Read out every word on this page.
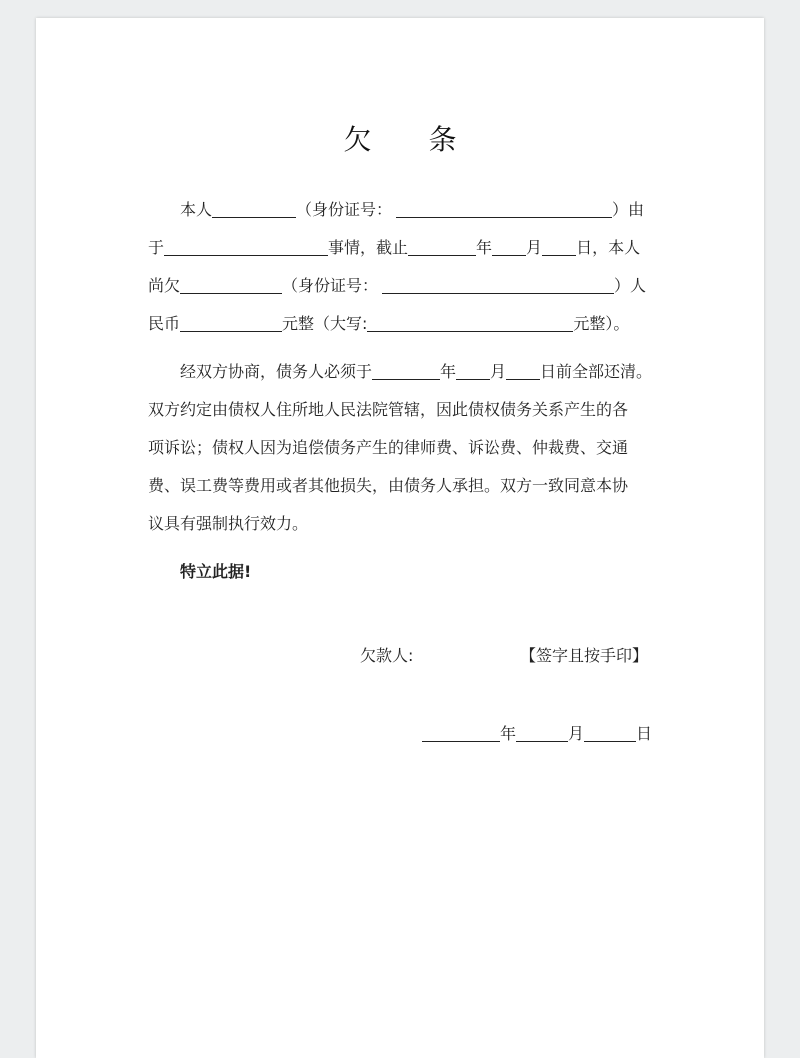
欠 条
本人	（身份证号：	）由
于	事情，截止	年 月 日，本人
尚欠	（身份证号：	）人
民币	元整（大写:	元整）。
经双方协商，债务人必须于	年 月 日前全部还清。
双方约定由债权人住所地人民法院管辖，因此债权债务关系产生的各
项诉讼；债权人因为追偿债务产生的律师费、诉讼费、仲裁费、交通
费、误工费等费用或者其他损失，由债务人承担。双方一致同意本协
议具有强制执行效力。
特立此据!
欠款人:	【签字且按手印】
年	月	日
